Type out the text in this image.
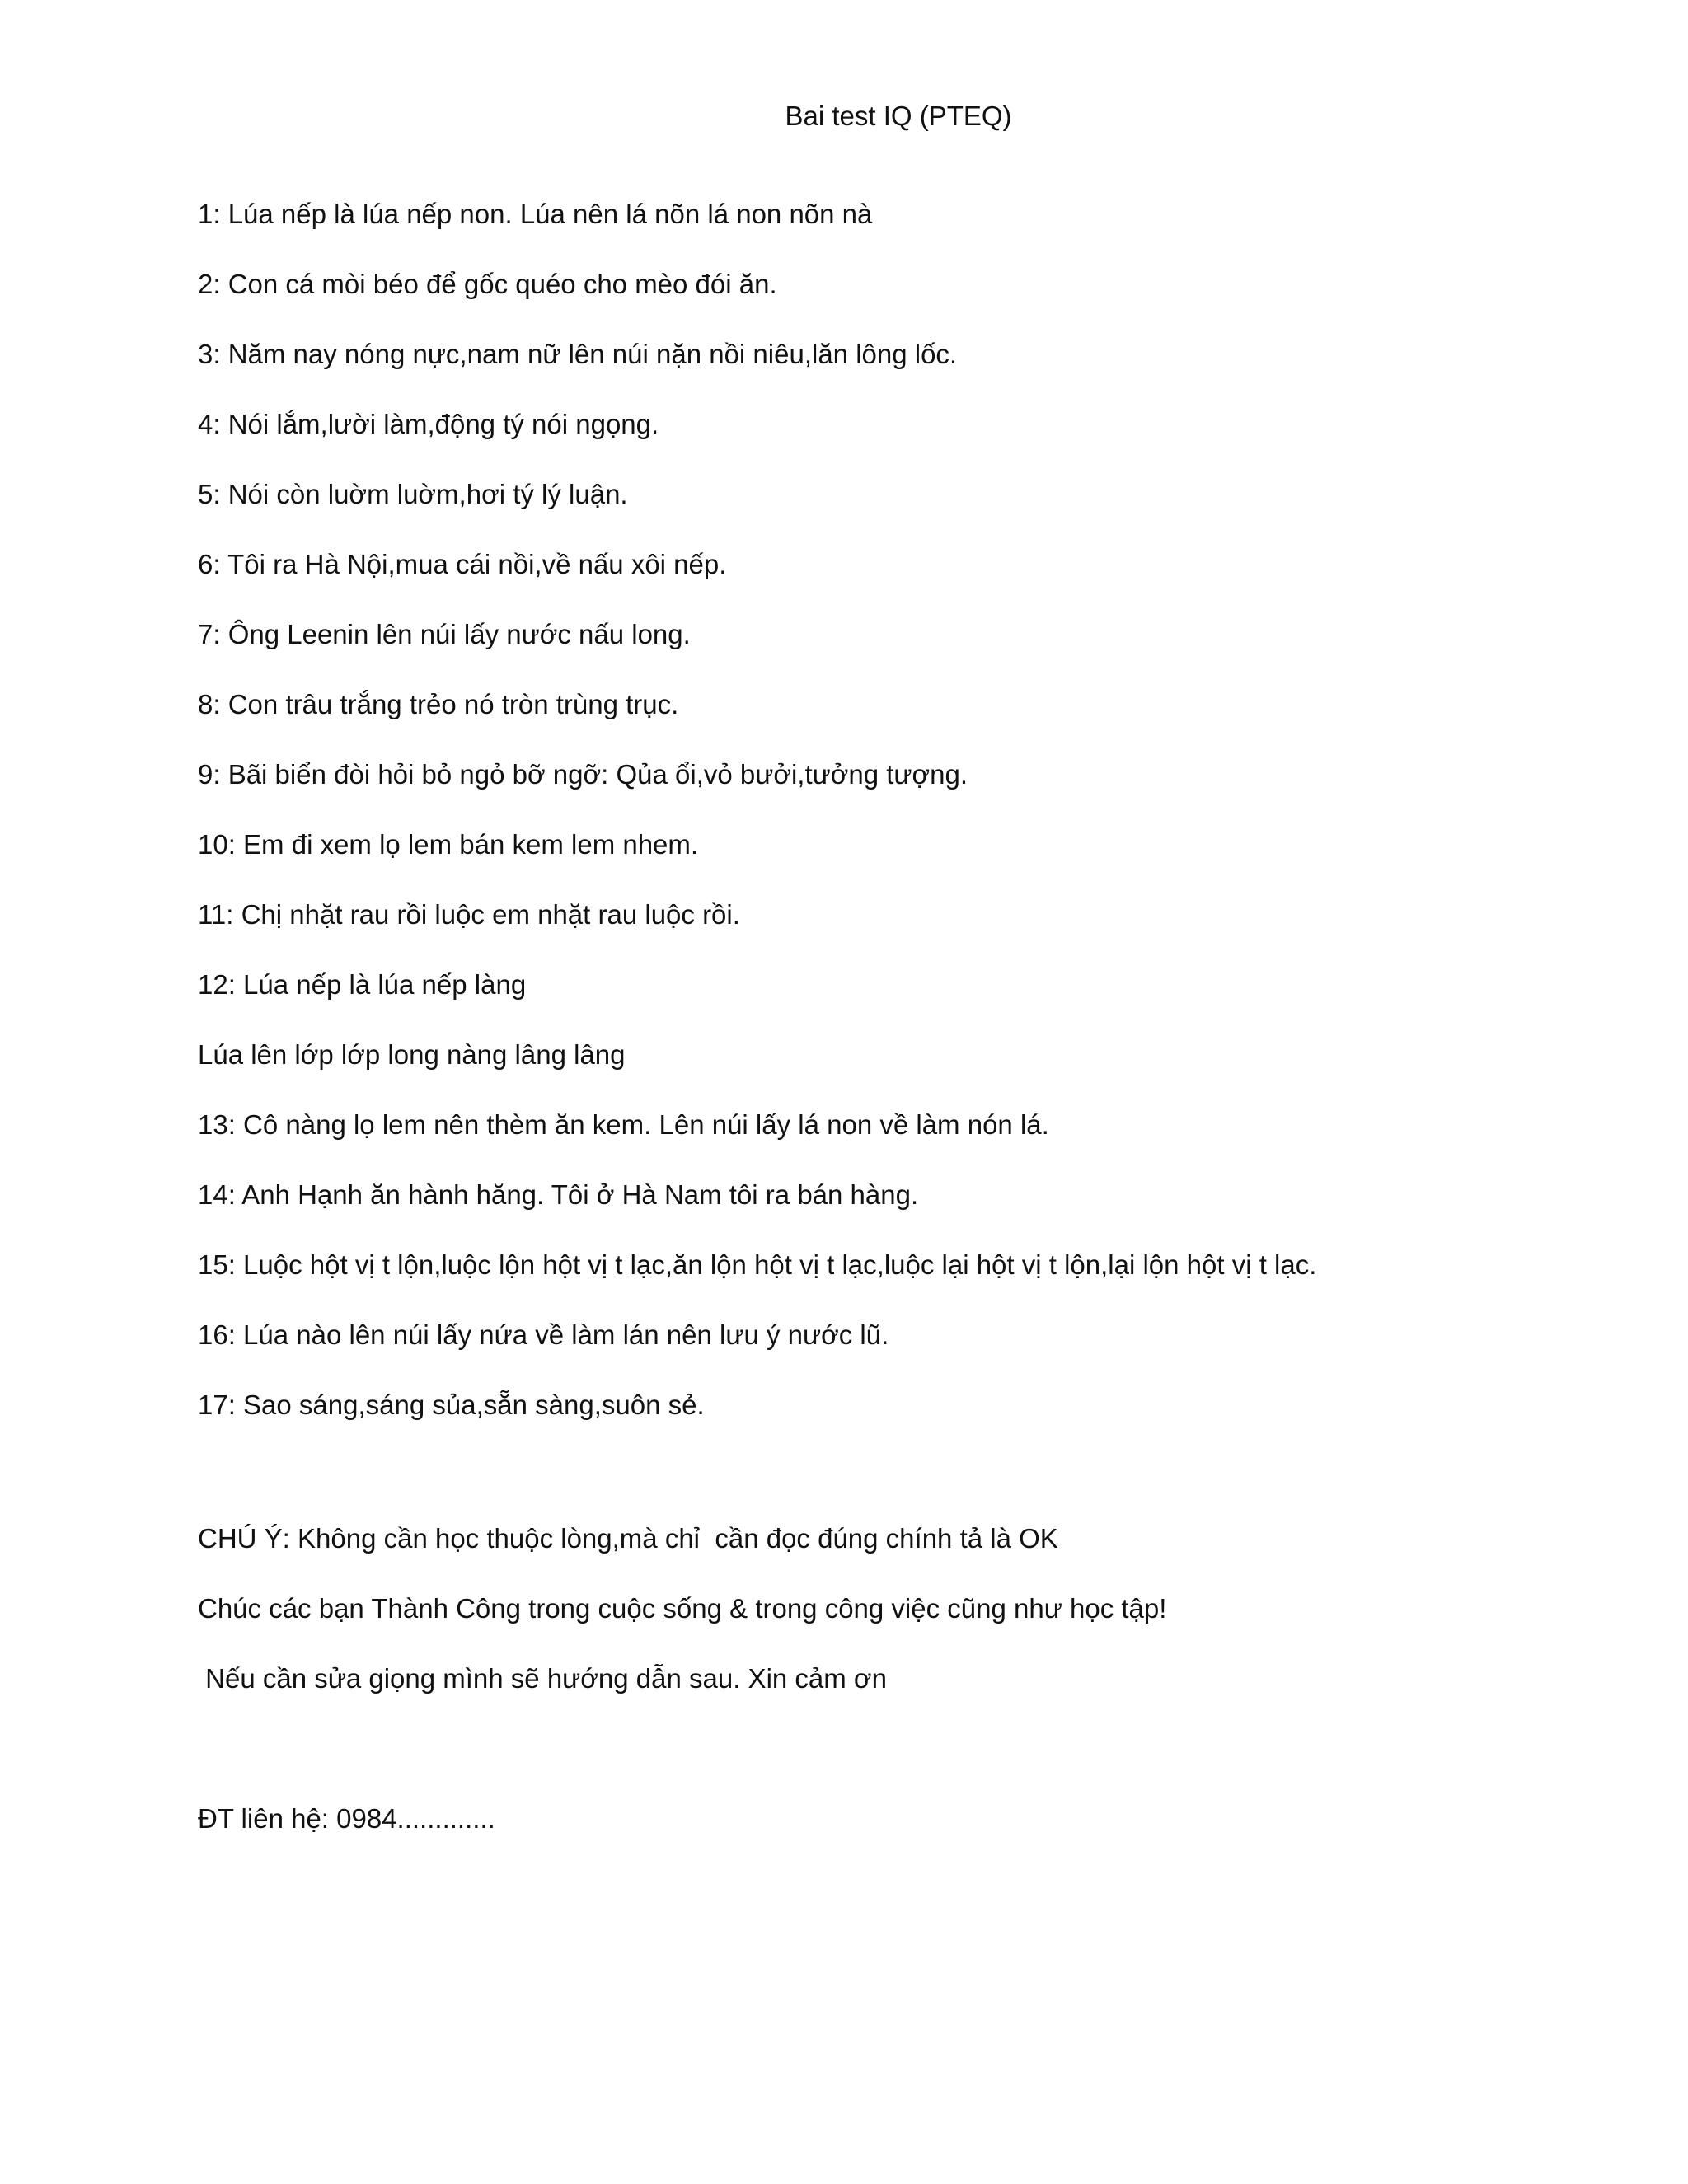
Bai test IQ (PTEQ)
1: Lúa nếp là lúa nếp non. Lúa nên lá nõn lá non nõn nà
2: Con cá mòi béo để gốc quéo cho mèo đói ăn.
3: Năm nay nóng nực,nam nữ lên núi nặn nồi niêu,lăn lông lốc.
4: Nói lắm,lười làm,động tý nói ngọng.
5: Nói còn luờm luờm,hơi tý lý luận.
6: Tôi ra Hà Nội,mua cái nồi,về nấu xôi nếp.
7: Ông Leenin lên núi lấy nước nấu long.
8: Con trâu trắng trẻo nó tròn trùng trục.
9: Bãi biển đòi hỏi bỏ ngỏ bỡ ngỡ: Qủa ổi,vỏ bưởi,tưởng tượng.
10: Em đi xem lọ lem bán kem lem nhem.
11: Chị nhặt rau rồi luộc em nhặt rau luộc rồi.
12: Lúa nếp là lúa nếp làng
Lúa lên lớp lớp long nàng lâng lâng
13: Cô nàng lọ lem nên thèm ăn kem. Lên núi lấy lá non về làm nón lá.
14: Anh Hạnh ăn hành hăng. Tôi ở Hà Nam tôi ra bán hàng.
15: Luộc hột vị t lộn,luộc lộn hột vị t lạc,ăn lộn hột vị t lạc,luộc lại hột vị t lộn,lại lộn hột vị t lạc.
16: Lúa nào lên núi lấy nứa về làm lán nên lưu ý nước lũ.
17: Sao sáng,sáng sủa,sẵn sàng,suôn sẻ.
CHÚ Ý: Không cần học thuộc lòng,mà chỉ  cần đọc đúng chính tả là OK
Chúc các bạn Thành Công trong cuộc sống & trong công việc cũng như học tập!
Nếu cần sửa giọng mình sẽ hướng dẫn sau. Xin cảm ơn
ĐT liên hệ: 0984.............
